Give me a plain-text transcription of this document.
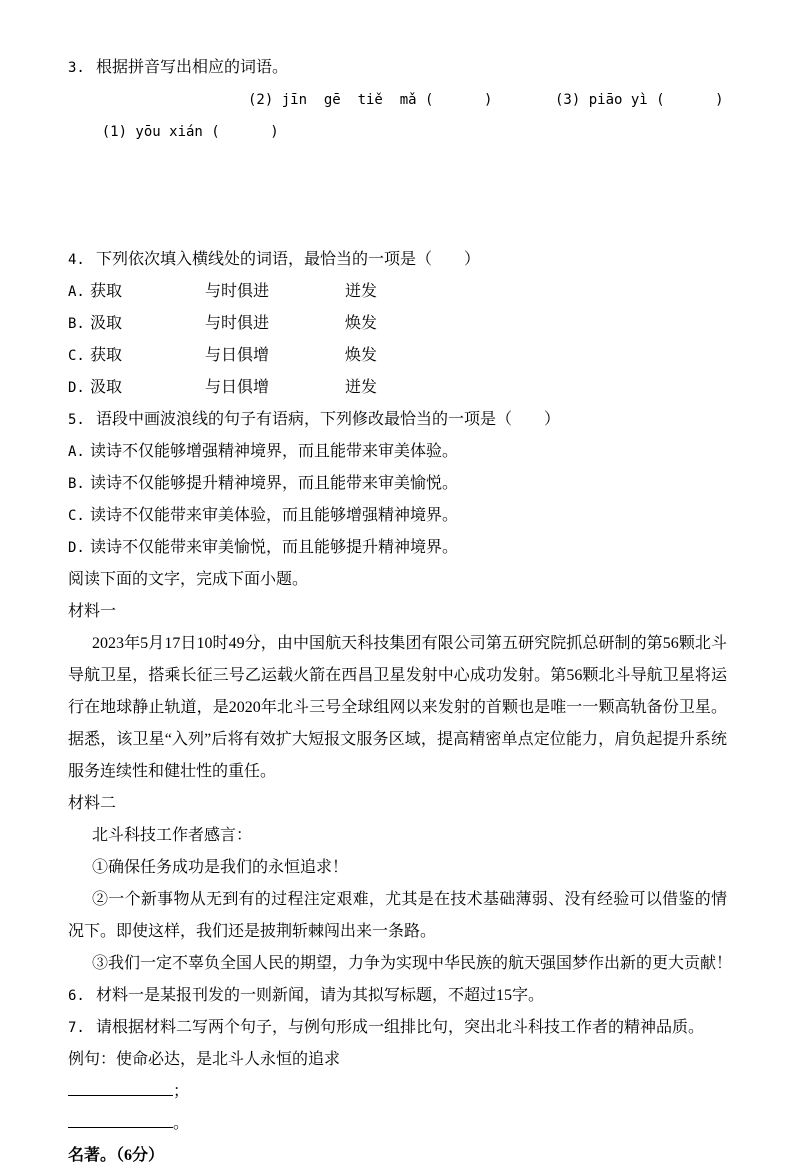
3. 根据拼音写出相应的词语。

(1) yōu xián (      )

(2) jīn  gē  tiě  mǎ (      )

	(3) piāo yì (      )

4. 下列依次填入横线处的词语，最恰当的一项是（　　）
A. 获取	与时俱进	迸发
B. 汲取	与时俱进	焕发
C. 获取	与日俱增	焕发
D. 汲取	与日俱增	迸发
5. 语段中画波浪线的句子有语病，下列修改最恰当的一项是（　　）
A. 读诗不仅能够增强精神境界，而且能带来审美体验。
B. 读诗不仅能够提升精神境界，而且能带来审美愉悦。
C. 读诗不仅能带来审美体验，而且能够增强精神境界。
D. 读诗不仅能带来审美愉悦，而且能够提升精神境界。
阅读下面的文字，完成下面小题。
材料一
2023年5月17日10时49分，由中国航天科技集团有限公司第五研究院抓总研制的第56颗北斗导航卫星，搭乘长征三号乙运载火箭在西昌卫星发射中心成功发射。第56颗北斗导航卫星将运行在地球静止轨道，是2020年北斗三号全球组网以来发射的首颗也是唯一一颗高轨备份卫星。据悉，该卫星“入列”后将有效扩大短报文服务区域，提高精密单点定位能力，肩负起提升系统服务连续性和健壮性的重任。
材料二
北斗科技工作者感言：
①确保任务成功是我们的永恒追求！
②一个新事物从无到有的过程注定艰难，尤其是在技术基础薄弱、没有经验可以借鉴的情况下。即使这样，我们还是披荆斩棘闯出来一条路。
③我们一定不辜负全国人民的期望，力争为实现中华民族的航天强国梦作出新的更大贡献！
6. 材料一是某报刊发的一则新闻，请为其拟写标题，不超过15字。
7. 请根据材料二写两个句子，与例句形成一组排比句，突出北斗科技工作者的精神品质。
例句：使命必达，是北斗人永恒的追求
；
。
名著。（6分）
